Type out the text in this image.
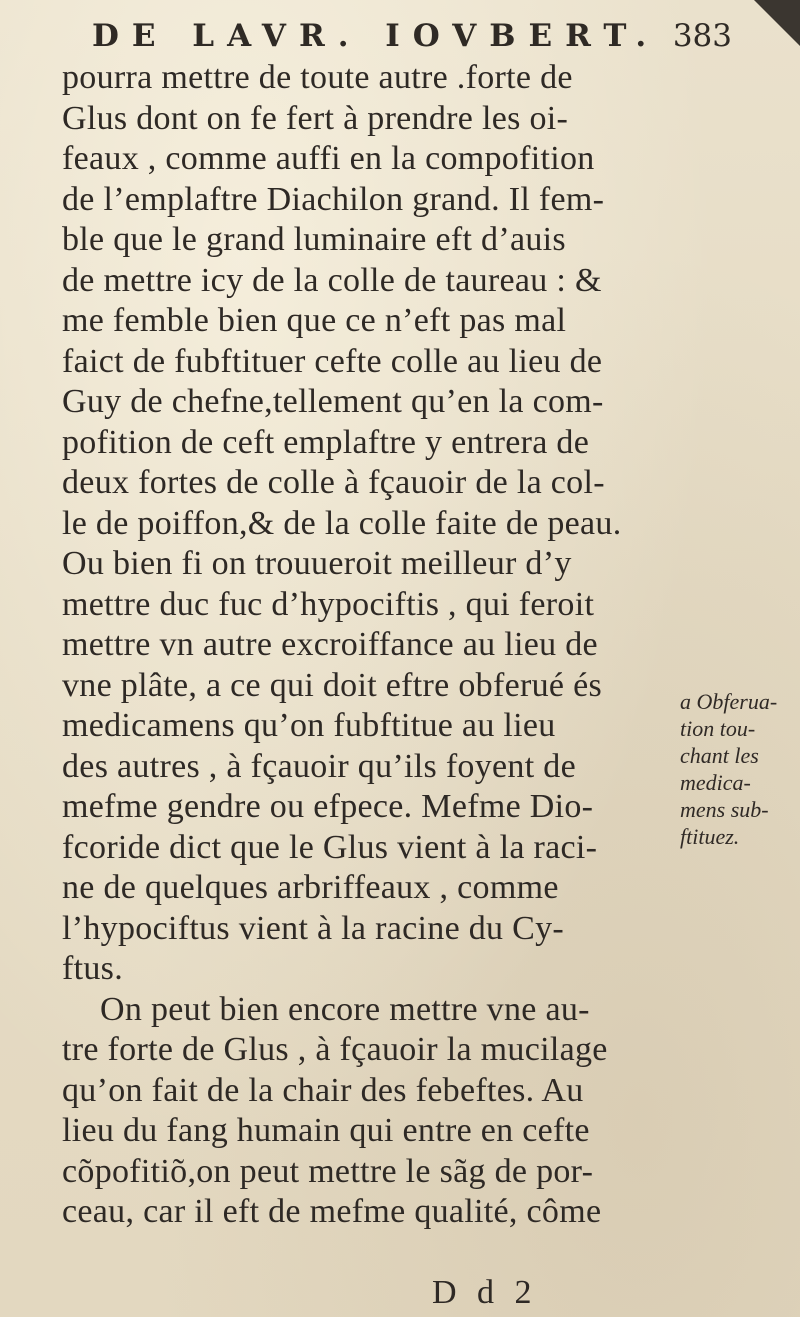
DE LAVR. IOVBERT. 383
pourra mettre de toute autre .forte de
Glus dont on fe fert à prendre les oi-
feaux , comme auffi en la compofition
de l’emplaftre Diachilon grand. Il fem-
ble que le grand luminaire eft d’auis
de mettre icy de la colle de taureau : &
me femble bien que ce n’eft pas mal
faict de fubftituer cefte colle au lieu de
Guy de chefne,tellement qu’en la com-
pofition de ceft emplaftre y entrera de
deux fortes de colle à fçauoir de la col-
le de poiffon,& de la colle faite de peau.
Ou bien fi on trouueroit meilleur d’y
mettre duc fuc d’hypociftis , qui feroit
mettre vn autre excroiffance au lieu de
vne plâte, a ce qui doit eftre obferué és
medicamens qu’on fubftitue au lieu
des autres , à fçauoir qu’ils foyent de
mefme gendre ou efpece. Mefme Dio-
fcoride dict que le Glus vient à la raci-
ne de quelques arbriffeaux , comme
l’hypociftus vient à la racine du Cy-
ftus.
On peut bien encore mettre vne au-
tre forte de Glus , à fçauoir la mucilage
qu’on fait de la chair des febeftes. Au
lieu du fang humain qui entre en cefte
cõpofitiõ,on peut mettre le sãg de por-
ceau, car il eft de mefme qualité, côme
a Obferua-
tion tou-
chant les
medica-
mens sub-
ftituez.
D d 2
